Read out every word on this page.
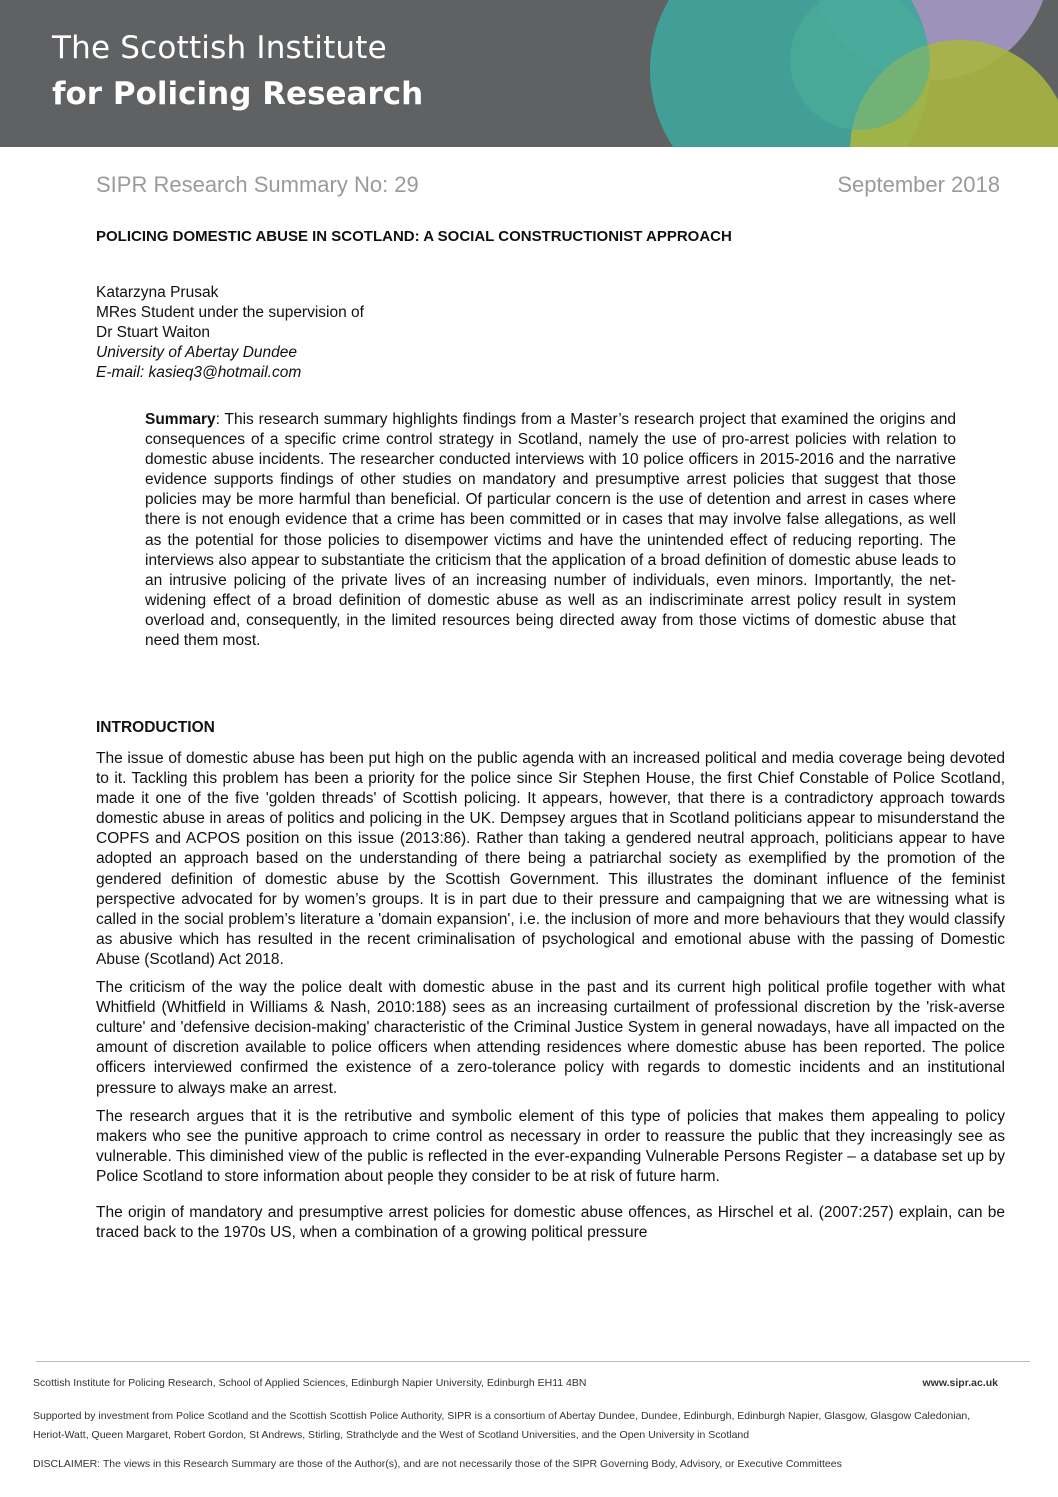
The Scottish Institute
for Policing Research
SIPR Research Summary No: 29	September 2018
POLICING DOMESTIC ABUSE IN SCOTLAND: A SOCIAL CONSTRUCTIONIST APPROACH
Katarzyna Prusak
MRes Student under the supervision of
Dr Stuart Waiton
University of Abertay Dundee
E-mail: kasieq3@hotmail.com
Summary: This research summary highlights findings from a Master’s research project that examined the origins and consequences of a specific crime control strategy in Scotland, namely the use of pro-arrest policies with relation to domestic abuse incidents. The researcher conducted interviews with 10 police officers in 2015-2016 and the narrative evidence supports findings of other studies on mandatory and presumptive arrest policies that suggest that those policies may be more harmful than beneficial. Of particular concern is the use of detention and arrest in cases where there is not enough evidence that a crime has been committed or in cases that may involve false allegations, as well as the potential for those policies to disempower victims and have the unintended effect of reducing reporting. The interviews also appear to substantiate the criticism that the application of a broad definition of domestic abuse leads to an intrusive policing of the private lives of an increasing number of individuals, even minors. Importantly, the net-widening effect of a broad definition of domestic abuse as well as an indiscriminate arrest policy result in system overload and, consequently, in the limited resources being directed away from those victims of domestic abuse that need them most.
INTRODUCTION

The issue of domestic abuse has been put high on the public agenda with an increased political and media coverage being devoted to it. Tackling this problem has been a priority for the police since Sir Stephen House, the first Chief Constable of Police Scotland, made it one of the five 'golden threads' of Scottish policing. It appears, however, that there is a contradictory approach towards domestic abuse in areas of politics and policing in the UK. Dempsey argues that in Scotland politicians appear to misunderstand the COPFS and ACPOS position on this issue (2013:86). Rather than taking a gendered neutral approach, politicians appear to have adopted an approach based on the understanding of there being a patriarchal society as exemplified by the promotion of the gendered definition of domestic abuse by the Scottish Government. This illustrates the dominant influence of the feminist perspective advocated for by women’s groups. It is in part due to their pressure and campaigning that we are witnessing what is called in the social problem’s literature a 'domain expansion', i.e. the inclusion of more and more behaviours that they would classify as abusive which has resulted in the recent criminalisation of psychological and emotional abuse with the passing of Domestic Abuse (Scotland) Act 2018.

The criticism of the way the police dealt with domestic abuse in the past and its current high political profile together with what Whitfield (Whitfield in Williams & Nash, 2010:188) sees as an increasing curtailment of professional discretion by the 'risk-averse culture' and 'defensive decision-making' characteristic of the Criminal Justice System in general nowadays, have all impacted on the amount of discretion available to police officers when attending residences where domestic abuse has been reported. The police officers interviewed confirmed the existence of a zero-tolerance policy with regards to domestic incidents and an institutional pressure to always make an arrest.

The research argues that it is the retributive and symbolic element of this type of policies that makes them appealing to policy makers who see the punitive approach to crime control as necessary in order to reassure the public that they increasingly see as vulnerable. This diminished view of the public is reflected in the ever-expanding Vulnerable Persons Register – a database set up by Police Scotland to store information about people they consider to be at risk of future harm.

The origin of mandatory and presumptive arrest policies for domestic abuse offences, as Hirschel et al. (2007:257) explain, can be traced back to the 1970s US, when a combination of a growing political pressure

Scottish Institute for Policing Research, School of Applied Sciences, Edinburgh Napier University, Edinburgh EH11 4BN	www.sipr.ac.uk
Supported by investment from Police Scotland and the Scottish Scottish Police Authority, SIPR is a consortium of Abertay Dundee, Dundee, Edinburgh, Edinburgh Napier, Glasgow, Glasgow Caledonian, Heriot-Watt, Queen Margaret, Robert Gordon, St Andrews, Stirling, Strathclyde and the West of Scotland Universities, and the Open University in Scotland
DISCLAIMER: The views in this Research Summary are those of the Author(s), and are not necessarily those of the SIPR Governing Body, Advisory, or Executive Committees
